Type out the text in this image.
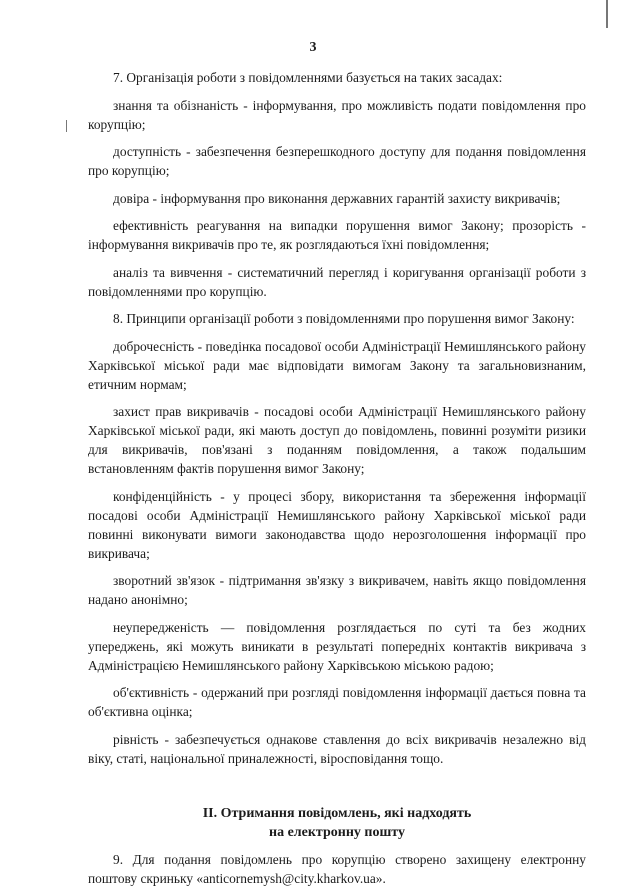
3

7. Організація роботи з повідомленнями базується на таких засадах:

знання та обізнаність - інформування, про можливість подати повідомлення про корупцію;

доступність - забезпечення безперешкодного доступу для подання повідомлення про корупцію;

довіра - інформування про виконання державних гарантій захисту викривачів;

ефективність реагування на випадки порушення вимог Закону; прозорість - інформування викривачів про те, як розглядаються їхні повідомлення;

аналіз та вивчення - систематичний перегляд і коригування організації роботи з повідомленнями про корупцію.

8. Принципи організації роботи з повідомленнями про порушення вимог Закону:

доброчесність - поведінка посадової особи Адміністрації Немишлянського району Харківської міської ради має відповідати вимогам Закону та загальновизнаним, етичним нормам;

захист прав викривачів - посадові особи Адміністрації Немишлянського району Харківської міської ради, які мають доступ до повідомлень, повинні розуміти ризики для викривачів, пов'язані з поданням повідомлення, а також подальшим встановленням фактів порушення вимог Закону;

конфіденційність - у процесі збору, використання та збереження інформації посадові особи Адміністрації Немишлянського району Харківської міської ради повинні виконувати вимоги законодавства щодо нерозголошення інформації про викривача;

зворотний зв'язок - підтримання зв'язку з викривачем, навіть якщо повідомлення надано анонімно;

неупередженість — повідомлення розглядається по суті та без жодних упереджень, які можуть виникати в результаті попередніх контактів викривача з Адміністрацією Немишлянського району Харківською міською радою;

об'єктивність - одержаний при розгляді повідомлення інформації дається повна та об'єктивна оцінка;

рівність - забезпечується однакове ставлення до всіх викривачів незалежно від віку, статі, національної приналежності, віросповідання тощо.

II. Отримання повідомлень, які надходять
на електронну пошту

9. Для подання повідомлень про корупцію створено захищену електронну поштову скриньку «anticornemysh@city.kharkov.ua».
